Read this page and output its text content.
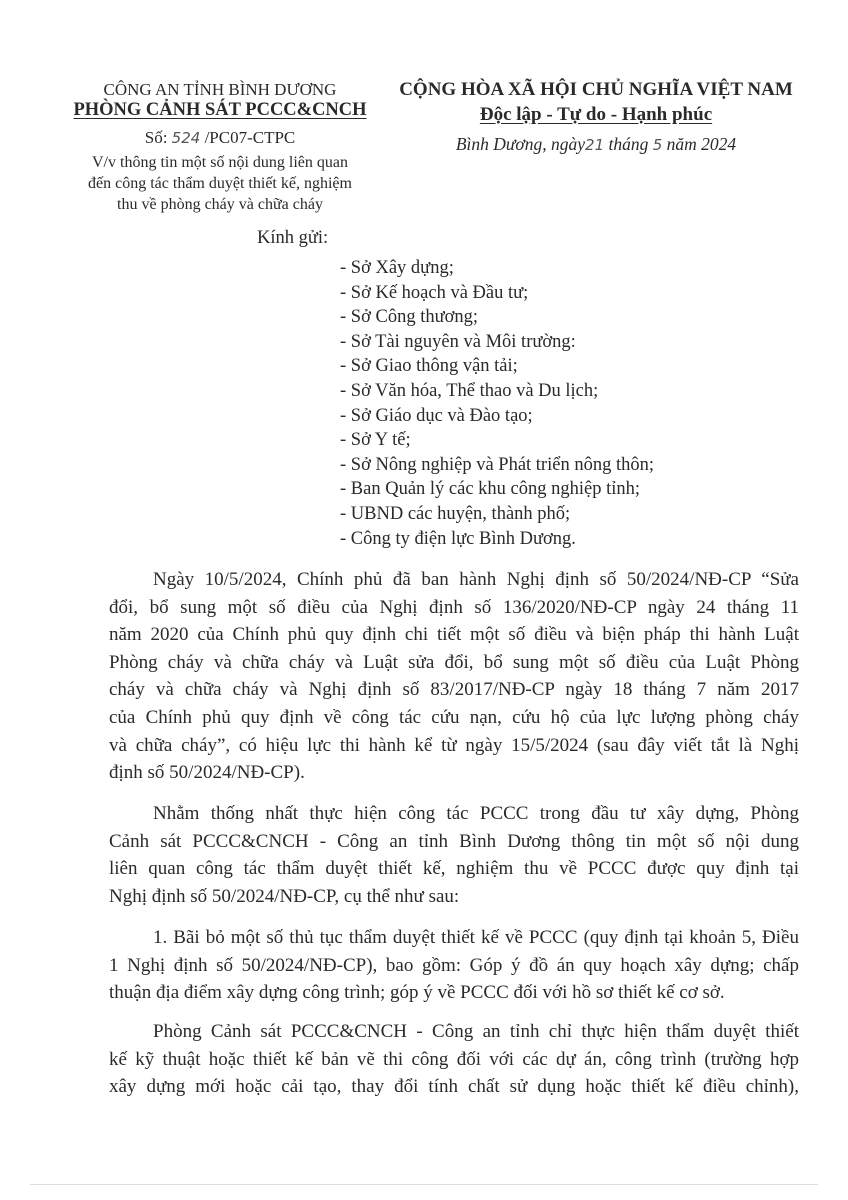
CÔNG AN TỈNH BÌNH DƯƠNG
PHÒNG CẢNH SÁT PCCC&CNCH
Số: 524 /PC07-CTPC
V/v thông tin một số nội dung liên quan
đến công tác thẩm duyệt thiết kế, nghiệm
thu về phòng cháy và chữa cháy
CỘNG HÒA XÃ HỘI CHỦ NGHĨA VIỆT NAM
Độc lập - Tự do - Hạnh phúc
Bình Dương, ngày21 tháng 5 năm 2024
Kính gửi:
- Sở Xây dựng;
- Sở Kế hoạch và Đầu tư;
- Sở Công thương;
- Sở Tài nguyên và Môi trường:
- Sở Giao thông vận tải;
- Sở Văn hóa, Thể thao và Du lịch;
- Sở Giáo dục và Đào tạo;
- Sở Y tế;
- Sở Nông nghiệp và Phát triển nông thôn;
- Ban Quản lý các khu công nghiệp tỉnh;
- UBND các huyện, thành phố;
- Công ty điện lực Bình Dương.
Ngày 10/5/2024, Chính phủ đã ban hành Nghị định số 50/2024/NĐ-CP “Sửa
đổi, bổ sung một số điều của Nghị định số 136/2020/NĐ-CP ngày 24 tháng 11
năm 2020 của Chính phủ quy định chi tiết một số điều và biện pháp thi hành Luật
Phòng cháy và chữa cháy và Luật sửa đổi, bổ sung một số điều của Luật Phòng
cháy và chữa cháy và Nghị định số 83/2017/NĐ-CP ngày 18 tháng 7 năm 2017
của Chính phủ quy định về công tác cứu nạn, cứu hộ của lực lượng phòng cháy
và chữa cháy”, có hiệu lực thi hành kể từ ngày 15/5/2024 (sau đây viết tắt là Nghị
định số 50/2024/NĐ-CP).
Nhằm thống nhất thực hiện công tác PCCC trong đầu tư xây dựng, Phòng
Cảnh sát PCCC&CNCH - Công an tỉnh Bình Dương thông tin một số nội dung
liên quan công tác thẩm duyệt thiết kế, nghiệm thu về PCCC được quy định tại
Nghị định số 50/2024/NĐ-CP, cụ thể như sau:
1. Bãi bỏ một số thủ tục thẩm duyệt thiết kế về PCCC (quy định tại khoản 5, Điều
1 Nghị định số 50/2024/NĐ-CP), bao gồm: Góp ý đồ án quy hoạch xây dựng; chấp
thuận địa điểm xây dựng công trình; góp ý về PCCC đối với hồ sơ thiết kế cơ sở.
Phòng Cảnh sát PCCC&CNCH - Công an tỉnh chỉ thực hiện thẩm duyệt thiết
kế kỹ thuật hoặc thiết kế bản vẽ thi công đối với các dự án, công trình (trường hợp
xây dựng mới hoặc cải tạo, thay đổi tính chất sử dụng hoặc thiết kế điều chỉnh),
